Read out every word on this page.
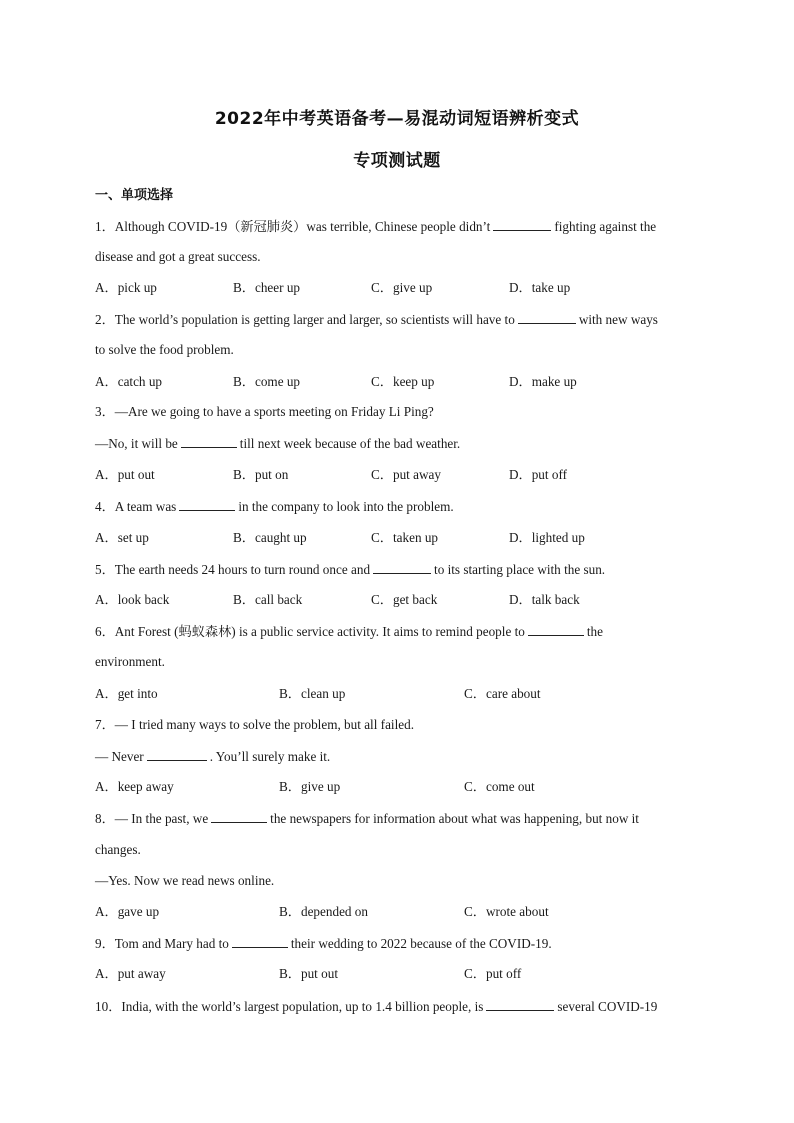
2022年中考英语备考—易混动词短语辨析变式
专项测试题
一、单项选择
1．Although COVID-19（新冠肺炎）was terrible, Chinese people didn’t	fighting against the
disease and got a great success.
A．pick up	B．cheer up	C．give up	D．take up
2．The world’s population is getting larger and larger, so scientists will have to	with new ways
to solve the food problem.
A．catch up	B．come up	C．keep up	D．make up
3．—Are we going to have a sports meeting on Friday Li Ping?
—No, it will be	till next week because of the bad weather.
A．put out	B．put on	C．put away	D．put off
4．A team was	in the company to look into the problem.
A．set up	B．caught up	C．taken up	D．lighted up
5．The earth needs 24 hours to turn round once and	to its starting place with the sun.
A．look back	B．call back	C．get back	D．talk back
6．Ant Forest (蚂蚁森林) is a public service activity. It aims to remind people to	the
environment.
A．get into	B．clean up	C．care about
7．— I tried many ways to solve the problem, but all failed.
— Never	. You’ll surely make it.
A．keep away	B．give up	C．come out
8．— In the past, we	the newspapers for information about what was happening, but now it
changes.
—Yes. Now we read news online.
A．gave up	B．depended on	C．wrote about
9．Tom and Mary had to	their wedding to 2022 because of the COVID-19.
A．put away	B．put out	C．put off
10．India, with the world’s largest population, up to 1.4 billion people, is	several COVID-19
